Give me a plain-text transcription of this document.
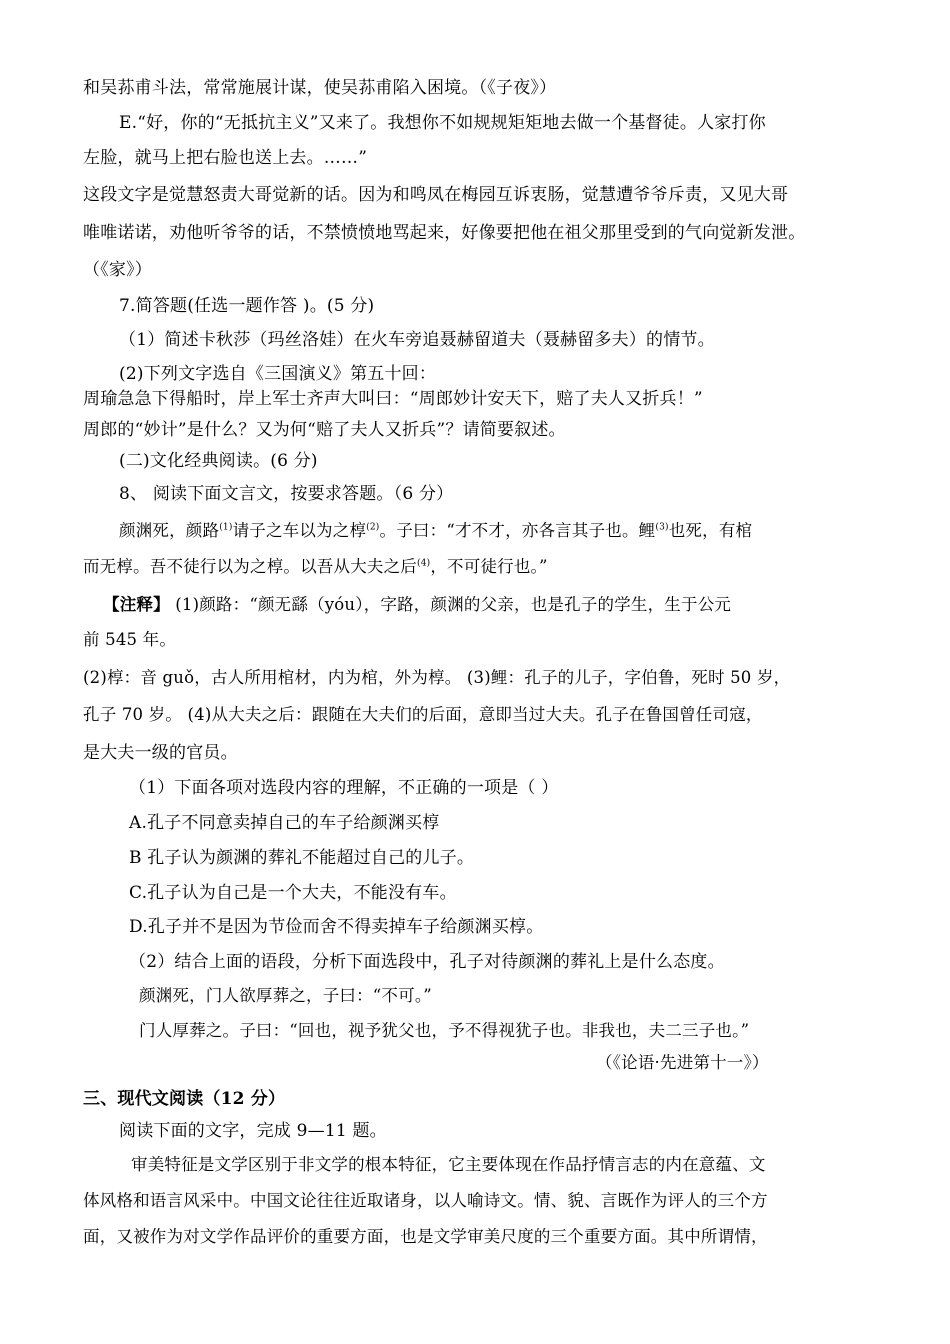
和吴荪甫斗法，常常施展计谋，使吴荪甫陷入困境。（《子夜》）
E.“好，你的“无抵抗主义”又来了。我想你不如规规矩矩地去做一个基督徒。人家打你
左脸，就马上把右脸也送上去。……”
这段文字是觉慧怒责大哥觉新的话。因为和鸣凤在梅园互诉衷肠，觉慧遭爷爷斥责，又见大哥
唯唯诺诺，劝他听爷爷的话，不禁愤愤地骂起来，好像要把他在祖父那里受到的气向觉新发泄。
（《家》）
7.简答题(任选一题作答 )。(5 分)
（1）简述卡秋莎（玛丝洛娃）在火车旁追聂赫留道夫（聂赫留多夫）的情节。
(2)下列文字选自《三国演义》第五十回：
周瑜急急下得船时，岸上军士齐声大叫曰：“周郎妙计安天下，赔了夫人又折兵！”
周郎的“妙计”是什么？又为何“赔了夫人又折兵”？请简要叙述。
(二)文化经典阅读。(6 分)
8、 阅读下面文言文，按要求答题。（6 分）
颜渊死，颜路$^{(1)}$请子之车以为之椁$^{(2)}$。子曰：“才不才，亦各言其子也。鲤$^{(3)}$也死，有棺
而无椁。吾不徒行以为之椁。以吾从大夫之后$^{(4)}$，不可徒行也。”
【注释】 (1)颜路：“颜无繇（yóu），字路，颜渊的父亲，也是孔子的学生，生于公元
前 545 年。
(2)椁：音 guǒ，古人所用棺材，内为棺，外为椁。 (3)鲤：孔子的儿子，字伯鲁，死时 50 岁，
孔子 70 岁。 (4)从大夫之后：跟随在大夫们的后面，意即当过大夫。孔子在鲁国曾任司寇，
是大夫一级的官员。
（1）下面各项对选段内容的理解，不正确的一项是（ ）
A.孔子不同意卖掉自己的车子给颜渊买椁
B 孔子认为颜渊的葬礼不能超过自己的儿子。
C.孔子认为自己是一个大夫，不能没有车。
D.孔子并不是因为节俭而舍不得卖掉车子给颜渊买椁。
（2）结合上面的语段，分析下面选段中，孔子对待颜渊的葬礼上是什么态度。
颜渊死，门人欲厚葬之，子曰：“不可。”
门人厚葬之。子曰：“回也，视予犹父也，予不得视犹子也。非我也，夫二三子也。”
（《论语·先进第十一》）
三、现代文阅读（12 分）
阅读下面的文字，完成 9—11 题。
审美特征是文学区别于非文学的根本特征，它主要体现在作品抒情言志的内在意蕴、文
体风格和语言风采中。中国文论往往近取诸身，以人喻诗文。情、貌、言既作为评人的三个方
面，又被作为对文学作品评价的重要方面，也是文学审美尺度的三个重要方面。其中所谓情，
